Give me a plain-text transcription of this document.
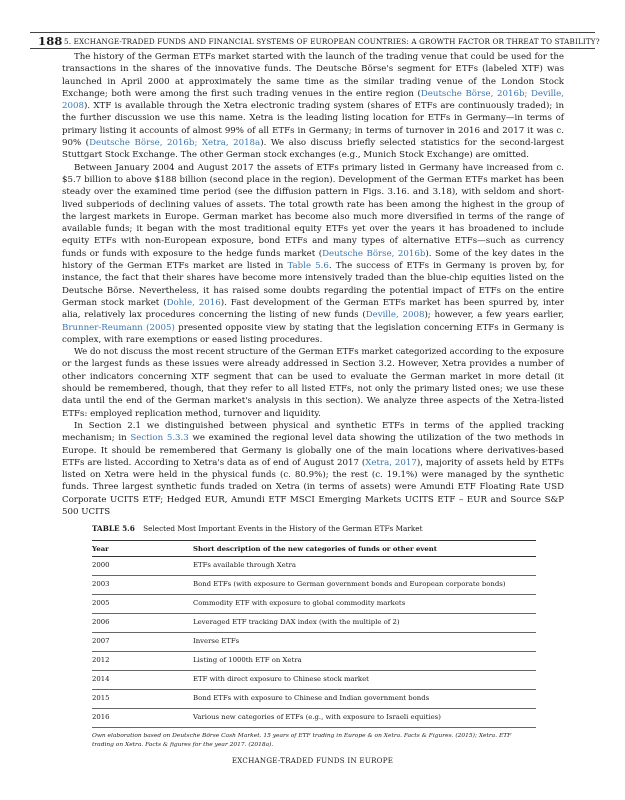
188 5. EXCHANGE-TRADED FUNDS AND FINANCIAL SYSTEMS OF EUROPEAN COUNTRIES: A GROWTH FACTOR OR THREAT TO STABILITY?

The history of the German ETFs market started with the launch of the trading venue that could be used for the transactions in the shares of the innovative funds. The Deutsche Börse's segment for ETFs (labeled XTF) was launched in April 2000 at approximately the same time as the similar trading venue of the London Stock Exchange; both were among the first such trading venues in the entire region (Deutsche Börse, 2016b; Deville, 2008). XTF is available through the Xetra electronic trading system (shares of ETFs are continuously traded); in the further discussion we use this name. Xetra is the leading listing location for ETFs in Germany—in terms of primary listing it accounts of almost 99% of all ETFs in Germany; in terms of turnover in 2016 and 2017 it was c. 90% (Deutsche Börse, 2016b; Xetra, 2018a). We also discuss briefly selected statistics for the second-largest Stuttgart Stock Exchange. The other German stock exchanges (e.g., Munich Stock Exchange) are omitted.

Between January 2004 and August 2017 the assets of ETFs primary listed in Germany have increased from c. $5.7 billion to above $188 billion (second place in the region). Development of the German ETFs market has been steady over the examined time period (see the diffusion pattern in Figs. 3.16. and 3.18), with seldom and short-lived subperiods of declining values of assets. The total growth rate has been among the highest in the group of the largest markets in Europe. German market has become also much more diversified in terms of the range of available funds; it began with the most traditional equity ETFs yet over the years it has broadened to include equity ETFs with non-European exposure, bond ETFs and many types of alternative ETFs—such as currency funds or funds with exposure to the hedge funds market (Deutsche Börse, 2016b). Some of the key dates in the history of the German ETFs market are listed in Table 5.6. The success of ETFs in Germany is proven by, for instance, the fact that their shares have become more intensively traded than the blue-chip equities listed on the Deutsche Börse. Nevertheless, it has raised some doubts regarding the potential impact of ETFs on the entire German stock market (Dohle, 2016). Fast development of the German ETFs market has been spurred by, inter alia, relatively lax procedures concerning the listing of new funds (Deville, 2008); however, a few years earlier, Brunner-Reumann (2005) presented opposite view by stating that the legislation concerning ETFs in Germany is complex, with rare exemptions or eased listing procedures.

We do not discuss the most recent structure of the German ETFs market categorized according to the exposure or the largest funds as these issues were already addressed in Section 3.2. However, Xetra provides a number of other indicators concerning XTF segment that can be used to evaluate the German market in more detail (it should be remembered, though, that they refer to all listed ETFs, not only the primary listed ones; we use these data until the end of the German market's analysis in this section). We analyze three aspects of the Xetra-listed ETFs: employed replication method, turnover and liquidity.

In Section 2.1 we distinguished between physical and synthetic ETFs in terms of the applied tracking mechanism; in Section 5.3.3 we examined the regional level data showing the utilization of the two methods in Europe. It should be remembered that Germany is globally one of the main locations where derivatives-based ETFs are listed. According to Xetra's data as of end of August 2017 (Xetra, 2017), majority of assets held by ETFs listed on Xetra were held in the physical funds (c. 80.9%); the rest (c. 19.1%) were managed by the synthetic funds. Three largest synthetic funds traded on Xetra (in terms of assets) were Amundi ETF Floating Rate USD Corporate UCITS ETF; Hedged EUR, Amundi ETF MSCI Emerging Markets UCITS ETF – EUR and Source S&P 500 UCITS

TABLE 5.6 Selected Most Important Events in the History of the German ETFs Market
Year	Short description of the new categories of funds or other event
2000	ETFs available through Xetra
2003	Bond ETFs (with exposure to German government bonds and European corporate bonds)
2005	Commodity ETF with exposure to global commodity markets
2006	Leveraged ETF tracking DAX index (with the multiple of 2)
2007	Inverse ETFs
2012	Listing of 1000th ETF on Xetra
2014	ETF with direct exposure to Chinese stock market
2015	Bond ETFs with exposure to Chinese and Indian government bonds
2016	Various new categories of ETFs (e.g., with exposure to Israeli equities)
Own elaboration based on Deutsche Börse Cash Market. 15 years of ETF trading in Europe & on Xetra. Facts & Figures. (2015); Xetra. ETF trading on Xetra. Facts & figures for the year 2017. (2018a).
EXCHANGE-TRADED FUNDS IN EUROPE
